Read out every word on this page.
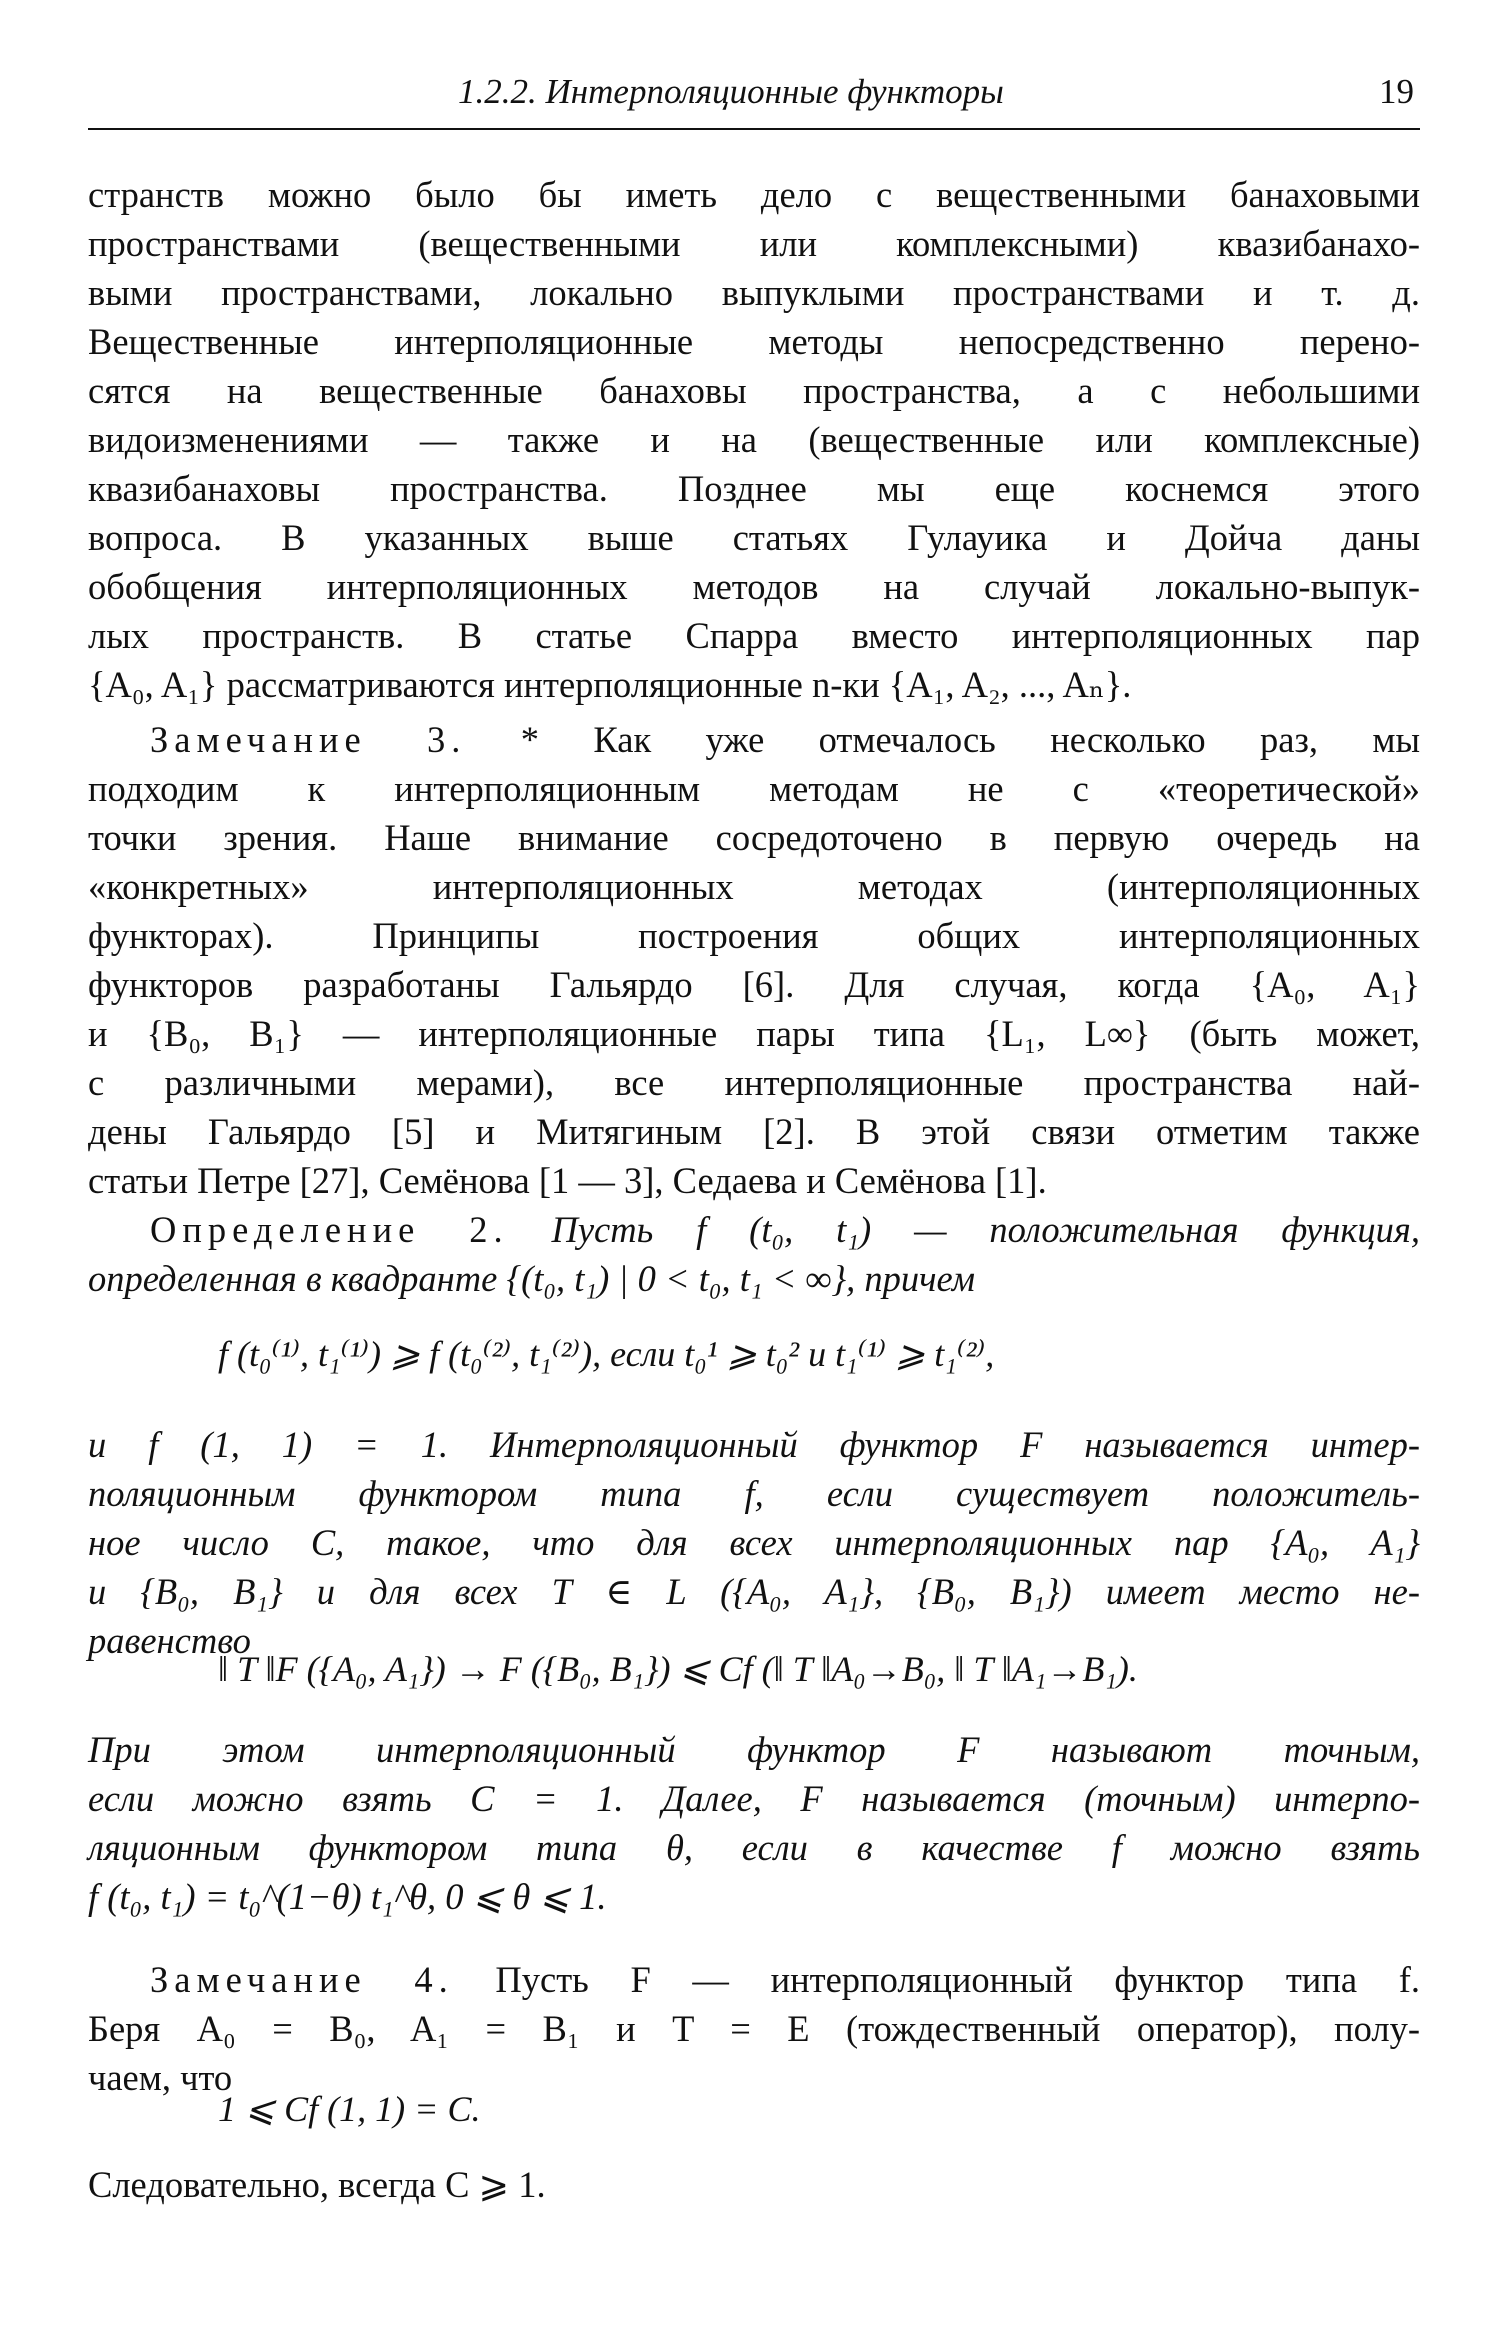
1.2.2. Интерполяционные функторы	19

странств можно было бы иметь дело с вещественными банаховыми
пространствами (вещественными или комплексными) квазибанахо-
выми пространствами, локально выпуклыми пространствами и т. д.
Вещественные интерполяционные методы непосредственно перено-
сятся на вещественные банаховы пространства, а с небольшими
видоизменениями — также и на (вещественные или комплексные)
квазибанаховы пространства. Позднее мы еще коснемся этого
вопроса. В указанных выше статьях Гулауика и Дойча даны
обобщения интерполяционных методов на случай локально-выпук-
лых пространств. В статье Спарра вместо интерполяционных пар
{A₀, A₁} рассматриваются интерполяционные n-ки {A₁, A₂, ..., Aₙ}.

Замечание 3. * Как уже отмечалось несколько раз, мы
подходим к интерполяционным методам не с «теоретической»
точки зрения. Наше внимание сосредоточено в первую очередь на
«конкретных» интерполяционных методах (интерполяционных
функторах). Принципы построения общих интерполяционных
функторов разработаны Гальярдо [6]. Для случая, когда {A₀, A₁}
и {B₀, B₁} — интерполяционные пары типа {L₁, L∞} (быть может,
с различными мерами), все интерполяционные пространства най-
дены Гальярдо [5] и Митягиным [2]. В этой связи отметим также
статьи Петре [27], Семёнова [1 — 3], Седаева и Семёнова [1].

Определение 2. Пусть f (t₀, t₁) — положительная функция,
определенная в квадранте {(t₀, t₁) | 0 < t₀, t₁ < ∞}, причем

f (t₀⁽¹⁾, t₁⁽¹⁾) ⩾ f (t₀⁽²⁾, t₁⁽²⁾), если t₀¹ ⩾ t₀² и t₁⁽¹⁾ ⩾ t₁⁽²⁾,

и f (1, 1) = 1. Интерполяционный функтор F называется интер-
поляционным функтором типа f, если существует положитель-
ное число C, такое, что для всех интерполяционных пар {A₀, A₁}
и {B₀, B₁} и для всех T ∈ L ({A₀, A₁}, {B₀, B₁}) имеет место не-
равенство

‖ T ‖F ({A₀, A₁}) → F ({B₀, B₁}) ⩽ Cf (‖ T ‖A₀→B₀, ‖ T ‖A₁→B₁).

При этом интерполяционный функтор F называют точным,
если можно взять C = 1. Далее, F называется (точным) интерпо-
ляционным функтором типа θ, если в качестве f можно взять
f (t₀, t₁) = t₀^(1−θ) t₁^θ, 0 ⩽ θ ⩽ 1.

Замечание 4. Пусть F — интерполяционный функтор типа f.
Беря A₀ = B₀, A₁ = B₁ и T = E (тождественный оператор), полу-
чаем, что

1 ⩽ Cf (1, 1) = C.

Следовательно, всегда C ⩾ 1.
